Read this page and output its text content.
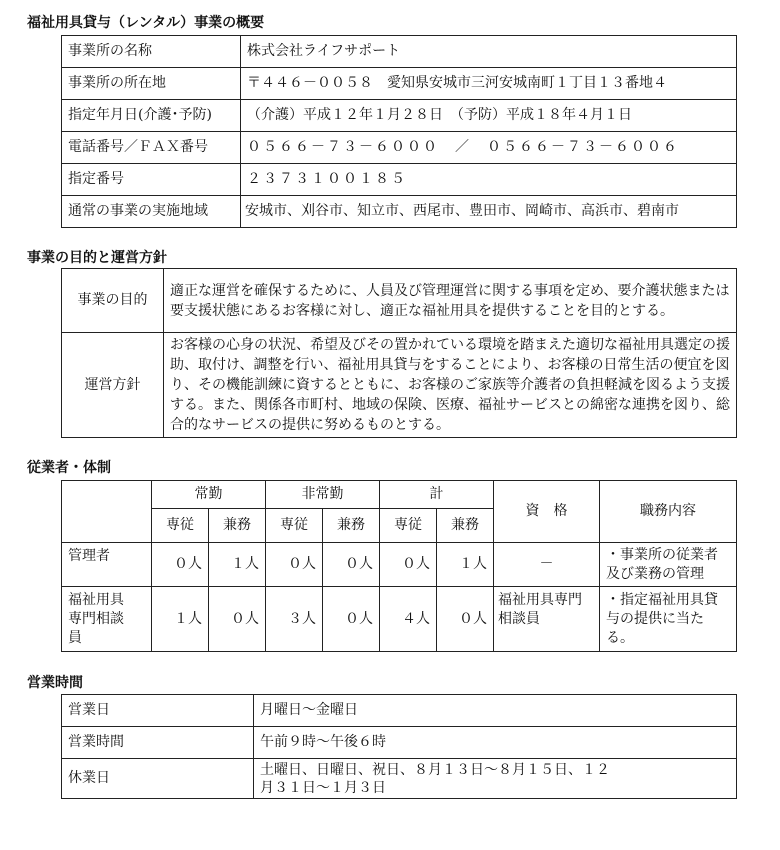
福祉用具貸与（レンタル）事業の概要
事業所の名称	株式会社ライフサポート
事業所の所在地	〒４４６－００５８　愛知県安城市三河安城南町１丁目１３番地４
指定年月日(介護･予防)	（介護）平成１２年１月２８日　（予防）平成１８年４月１日
電話番号／ＦＡＸ番号	０５６６－７３－６０００　／　０５６６－７３－６００６
指定番号	２３７３１００１８５
通常の事業の実施地域	安城市、刈谷市、知立市、西尾市、豊田市、岡崎市、高浜市、碧南市
事業の目的と運営方針
事業の目的	適正な運営を確保するために、人員及び管理運営に関する事項を定め、要介護状態または要支援状態にあるお客様に対し、適正な福祉用具を提供することを目的とする。
運営方針	お客様の心身の状況、希望及びその置かれている環境を踏まえた適切な福祉用具選定の援助、取付け、調整を行い、福祉用具貸与をすることにより、お客様の日常生活の便宜を図り、その機能訓練に資するとともに、お客様のご家族等介護者の負担軽減を図るよう支援する。また、関係各市町村、地域の保険、医療、福祉サービスとの綿密な連携を図り、総合的なサービスの提供に努めるものとする。
従業者・体制
	常勤		非常勤		計		資　格	職務内容
	専従	兼務	専従	兼務	専従	兼務		
管理者	０人	１人	０人	０人	０人	１人	－	・事業所の従業者及び業務の管理
福祉用具専門相談員	１人	０人	３人	０人	４人	０人	福祉用具専門相談員	・指定福祉用具貸与の提供に当たる。
営業時間
営業日	月曜日～金曜日
営業時間	午前９時～午後６時
休業日	土曜日、日曜日、祝日、８月１３日～８月１５日、１２月３１日～１月３日
